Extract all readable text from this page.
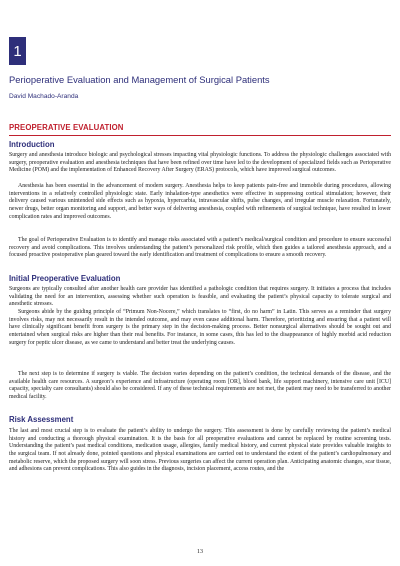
1
Perioperative Evaluation and Management of Surgical Patients
David Machado-Aranda
PREOPERATIVE EVALUATION
Introduction

Surgery and anesthesia introduce biologic and psychological stresses impacting vital physiologic functions. To address the physiologic challenges associated with surgery, preoperative evaluation and anesthesia techniques that have been refined over time have led to the development of specialized fields such as Perioperative Medicine (POM) and the implementation of Enhanced Recovery After Surgery (ERAS) protocols, which have improved surgical outcomes.

Anesthesia has been essential in the advancement of modern surgery. Anesthesia helps to keep patients pain-free and immobile during procedures, allowing interventions in a relatively controlled physiologic state. Early inhalation-type anesthetics were effective in suppressing cortical stimulation; however, their delivery caused various unintended side effects such as hypoxia, hypercarbia, intravascular shifts, pulse changes, and irregular muscle relaxation. Fortunately, newer drugs, better organ monitoring and support, and better ways of delivering anesthesia, coupled with refinements of surgical technique, have resulted in lower complication rates and improved outcomes.

The goal of Perioperative Evaluation is to identify and manage risks associated with a patient’s medical/surgical condition and procedure to ensure successful recovery and avoid complications. This involves understanding the patient’s personalized risk profile, which then guides a tailored anesthesia approach, and a focused proactive postoperative plan geared toward the early identification and treatment of complications to ensure a smooth recovery.

Initial Preoperative Evaluation

Surgeons are typically consulted after another health care provider has identified a pathologic condition that requires surgery. It initiates a process that includes validating the need for an intervention, assessing whether such operation is feasible, and evaluating the patient’s physical capacity to tolerate surgical and anesthetic stresses.

Surgeons abide by the guiding principle of “Primum Non-Nocere,” which translates to “first, do no harm” in Latin. This serves as a reminder that surgery involves risks, may not necessarily result in the intended outcome, and may even cause additional harm. Therefore, prioritizing and ensuring that a patient will have clinically significant benefit from surgery is the primary step in the decision-making process. Better nonsurgical alternatives should be sought out and entertained when surgical risks are higher than their real benefits. For instance, in some cases, this has led to the disappearance of highly morbid acid reduction surgery for peptic ulcer disease, as we came to understand and better treat the underlying causes.

The next step is to determine if surgery is viable. The decision varies depending on the patient’s condition, the technical demands of the disease, and the available health care resources. A surgeon’s experience and infrastructure (operating room [OR], blood bank, life support machinery, intensive care unit [ICU] capacity, specialty care consultants) should also be considered. If any of these technical requirements are not met, the patient may need to be transferred to another medical facility.

Risk Assessment

The last and most crucial step is to evaluate the patient’s ability to undergo the surgery. This assessment is done by carefully reviewing the patient’s medical history and conducting a thorough physical examination. It is the basis for all preoperative evaluations and cannot be replaced by routine screening tests. Understanding the patient’s past medical conditions, medication usage, allergies, family medical history, and current physical state provides valuable insights to the surgical team. If not already done, pointed questions and physical examinations are carried out to understand the extent of the patient’s cardiopulmonary and metabolic reserve, which the proposed surgery will soon stress. Previous surgeries can affect the current operation plan. Anticipating anatomic changes, scar tissue, and adhesions can prevent complications. This also guides in the diagnosis, incision placement, access routes, and the

13
